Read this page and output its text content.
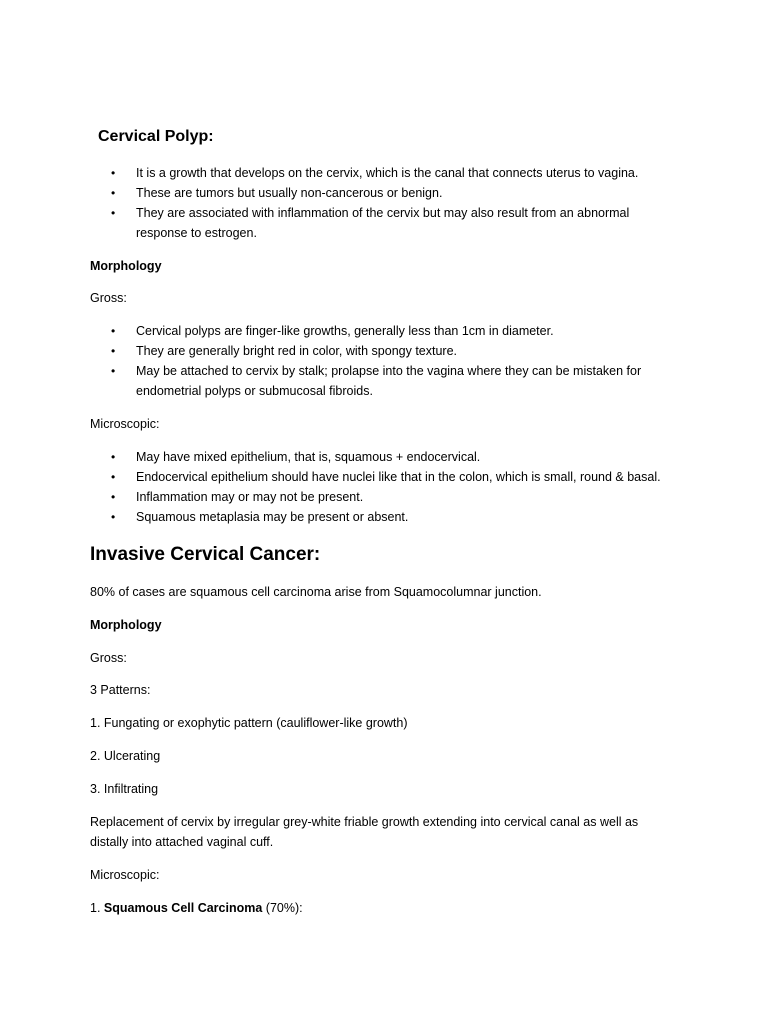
Cervical Polyp:
•	It is a growth that develops on the cervix, which is the canal that connects uterus to vagina.
•	These are tumors but usually non-cancerous or benign.
•	They are associated with inflammation of the cervix but may also result from an abnormal
response to estrogen.
Morphology
Gross:
•	Cervical polyps are finger-like growths, generally less than 1cm in diameter.
•	They are generally bright red in color, with spongy texture.
•	May be attached to cervix by stalk; prolapse into the vagina where they can be mistaken for
endometrial polyps or submucosal fibroids.
Microscopic:
•	May have mixed epithelium, that is, squamous + endocervical.
•	Endocervical epithelium should have nuclei like that in the colon, which is small, round & basal.
•	Inflammation may or may not be present.
•	Squamous metaplasia may be present or absent.
Invasive Cervical Cancer:
80% of cases are squamous cell carcinoma arise from Squamocolumnar junction.
Morphology
Gross:
3 Patterns:
1. Fungating or exophytic pattern (cauliflower-like growth)
2. Ulcerating
3. Infiltrating
Replacement of cervix by irregular grey-white friable growth extending into cervical canal as well as
distally into attached vaginal cuff.
Microscopic:
1. Squamous Cell Carcinoma (70%):
